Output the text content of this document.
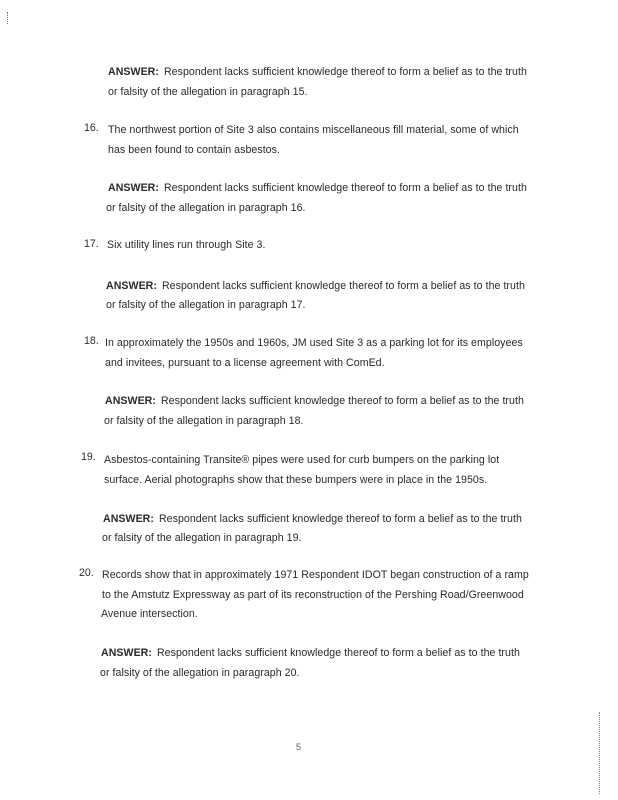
ANSWER: Respondent lacks sufficient knowledge thereof to form a belief as to the truth
or falsity of the allegation in paragraph 15.
16. The northwest portion of Site 3 also contains miscellaneous fill material, some of which
has been found to contain asbestos.
ANSWER: Respondent lacks sufficient knowledge thereof to form a belief as to the truth
or falsity of the allegation in paragraph 16.
17. Six utility lines run through Site 3.
ANSWER: Respondent lacks sufficient knowledge thereof to form a belief as to the truth
or falsity of the allegation in paragraph 17.
18. In approximately the 1950s and 1960s, JM used Site 3 as a parking lot for its employees
and invitees, pursuant to a license agreement with ComEd.
ANSWER: Respondent lacks sufficient knowledge thereof to form a belief as to the truth
or falsity of the allegation in paragraph 18.
19. Asbestos-containing Transite® pipes were used for curb bumpers on the parking lot
surface. Aerial photographs show that these bumpers were in place in the 1950s.
ANSWER: Respondent lacks sufficient knowledge thereof to form a belief as to the truth
or falsity of the allegation in paragraph 19.
20. Records show that in approximately 1971 Respondent IDOT began construction of a ramp
to the Amstutz Expressway as part of its reconstruction of the Pershing Road/Greenwood
Avenue intersection.
ANSWER: Respondent lacks sufficient knowledge thereof to form a belief as to the truth
or falsity of the allegation in paragraph 20.
5
